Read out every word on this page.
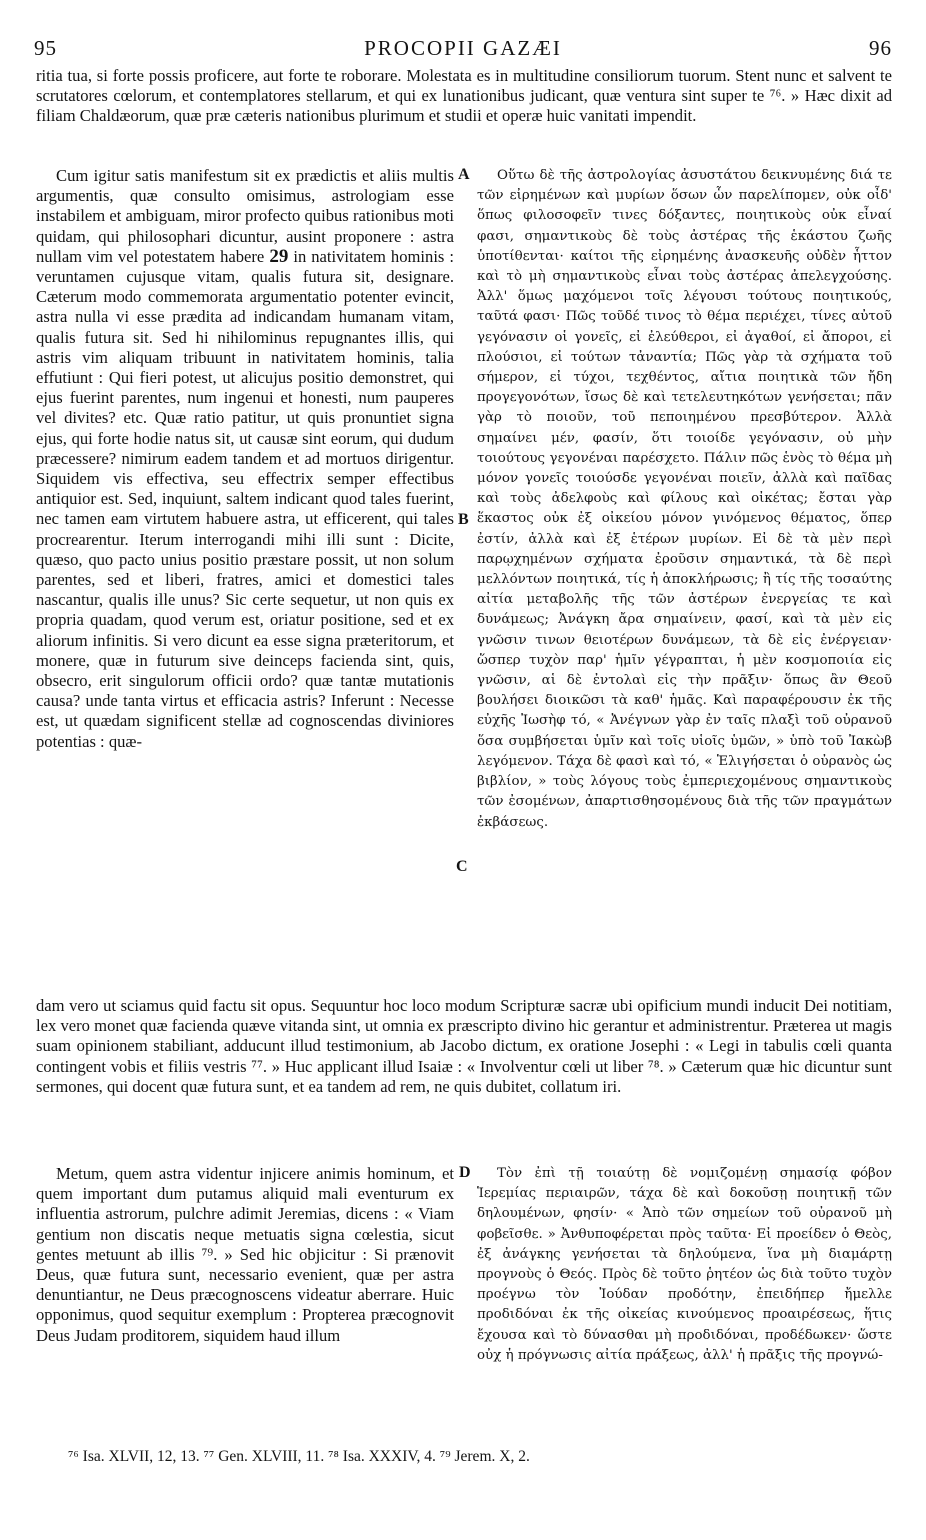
95	PROCOPII GAZÆI	96

ritia tua, si forte possis proficere, aut forte te roborare. Molestata es in multitudine consiliorum tuorum. Stent nunc et salvent te scrutatores cœlorum, et contemplatores stellarum, et qui ex lunationibus judicant, quæ ventura sint super te ⁷⁶. » Hæc dixit ad filiam Chaldæorum, quæ præ cæteris nationibus plurimum et studii et operæ huic vanitati impendit.

Cum igitur satis manifestum sit ex prædictis et aliis multis argumentis, quæ consulto omisimus, astrologiam esse instabilem et ambiguam, miror profecto quibus rationibus moti quidam, qui philosophari dicuntur, ausint proponere : astra nullam vim vel potestatem habere 29 in nativitatem hominis : veruntamen cujusque vitam, qualis futura sit, designare. Cæterum modo commemorata argumentatio potenter evincit, astra nulla vi esse prædita ad indicandam humanam vitam, qualis futura sit. Sed hi nihilominus repugnantes illis, qui astris vim aliquam tribuunt in nativitatem hominis, talia effutiunt : Qui fieri potest, ut alicujus positio demonstret, qui ejus fuerint parentes, num ingenui et honesti, num pauperes vel divites? etc. Quæ ratio patitur, ut quis pronuntiet signa ejus, qui forte hodie natus sit, ut causæ sint eorum, qui dudum præcessere? nimirum eadem tandem et ad mortuos dirigentur. Siquidem vis effectiva, seu effectrix semper effectibus antiquior est. Sed, inquiunt, saltem indicant quod tales fuerint, nec tamen eam virtutem habuere astra, ut efficerent, qui tales procrearentur. Iterum interrogandi mihi illi sunt : Dicite, quæso, quo pacto unius positio præstare possit, ut non solum parentes, sed et liberi, fratres, amici et domestici tales nascantur, qualis ille unus? Sic certe sequetur, ut non quis ex propria quadam, quod verum est, oriatur positione, sed et ex aliorum infinitis. Si vero dicunt ea esse signa præteritorum, et monere, quæ in futurum sive deinceps facienda sint, quis, obsecro, erit singulorum officii ordo? quæ tantæ mutationis causa? unde tanta virtus et efficacia astris? Inferunt : Necesse est, ut quædam significent stellæ ad cognoscendas diviniores potentias : quæ-

A
B
C
D

Οὕτω δὲ τῆς ἀστρολογίας ἀσυστάτου δεικνυμένης διά τε τῶν εἰρημένων καὶ μυρίων ὅσων ὧν παρελίπομεν, οὐκ οἶδ' ὅπως φιλοσοφεῖν τινες δόξαντες, ποιητικοὺς οὐκ εἶναί φασι, σημαντικοὺς δὲ τοὺς ἀστέρας τῆς ἑκάστου ζωῆς ὑποτίθενται· καίτοι τῆς εἰρημένης ἀνασκευῆς οὐδὲν ἧττον καὶ τὸ μὴ σημαντικοὺς εἶναι τοὺς ἀστέρας ἀπελεγχούσης. Ἀλλ' ὅμως μαχόμενοι τοῖς λέγουσι τούτους ποιητικούς, ταῦτά φασι· Πῶς τοῦδέ τινος τὸ θέμα περιέχει, τίνες αὐτοῦ γεγόνασιν οἱ γονεῖς, εἰ ἐλεύθεροι, εἰ ἀγαθοί, εἰ ἄποροι, εἰ πλούσιοι, εἰ τούτων τἀναντία; Πῶς γὰρ τὰ σχήματα τοῦ σήμερον, εἰ τύχοι, τεχθέντος, αἴτια ποιητικὰ τῶν ἤδη προγεγονότων, ἴσως δὲ καὶ τετελευτηκότων γενήσεται; πᾶν γὰρ τὸ ποιοῦν, τοῦ πεποιημένου πρεσβύτερον. Ἀλλὰ σημαίνει μέν, φασίν, ὅτι τοιοίδε γεγόνασιν, οὐ μὴν τοιούτους γεγονέναι παρέσχετο. Πάλιν πῶς ἑνὸς τὸ θέμα μὴ μόνον γονεῖς τοιούσδε γεγονέναι ποιεῖν, ἀλλὰ καὶ παῖδας καὶ τοὺς ἀδελφοὺς καὶ φίλους καὶ οἰκέτας; ἔσται γὰρ ἕκαστος οὐκ ἐξ οἰκείου μόνον γινόμενος θέματος, ὅπερ ἐστίν, ἀλλὰ καὶ ἐξ ἑτέρων μυρίων. Εἰ δὲ τὰ μὲν περὶ παρῳχημένων σχήματα ἐροῦσιν σημαντικά, τὰ δὲ περὶ μελλόντων ποιητικά, τίς ἡ ἀποκλήρωσις; ἢ τίς τῆς τοσαύτης αἰτία μεταβολῆς τῆς τῶν ἀστέρων ἐνεργείας τε καὶ δυνάμεως; Ἀνάγκη ἄρα σημαίνειν, φασί, καὶ τὰ μὲν εἰς γνῶσιν τινων θειοτέρων δυνάμεων, τὰ δὲ εἰς ἐνέργειαν· ὥσπερ τυχὸν παρ' ἡμῖν γέγραπται, ἡ μὲν κοσμοποιία εἰς γνῶσιν, αἱ δὲ ἐντολαὶ εἰς τὴν πρᾶξιν· ὅπως ἂν Θεοῦ βουλήσει διοικῶσι τὰ καθ' ἡμᾶς. Καὶ παραφέρουσιν ἐκ τῆς εὐχῆς Ἰωσὴφ τό, « Ἀνέγνων γὰρ ἐν ταῖς πλαξὶ τοῦ οὐρανοῦ ὅσα συμβήσεται ὑμῖν καὶ τοῖς υἱοῖς ὑμῶν, » ὑπὸ τοῦ Ἰακὼβ λεγόμενον. Τάχα δὲ φασὶ καὶ τό, « Ἑλιγήσεται ὁ οὐρανὸς ὡς βιβλίον, » τοὺς λόγους τοὺς ἐμπεριεχομένους σημαντικοὺς τῶν ἐσομένων, ἀπαρτισθησομένους διὰ τῆς τῶν πραγμάτων ἐκβάσεως.

dam vero ut sciamus quid factu sit opus. Sequuntur hoc loco modum Scripturæ sacræ ubi opificium mundi inducit Dei notitiam, lex vero monet quæ facienda quæve vitanda sint, ut omnia ex præscripto divino hic gerantur et administrentur. Præterea ut magis suam opinionem stabiliant, adducunt illud testimonium, ab Jacobo dictum, ex oratione Josephi : « Legi in tabulis cœli quanta contingent vobis et filiis vestris ⁷⁷. » Huc applicant illud Isaiæ : « Involventur cœli ut liber ⁷⁸. » Cæterum quæ hic dicuntur sunt sermones, qui docent quæ futura sunt, et ea tandem ad rem, ne quis dubitet, collatum iri.

Metum, quem astra videntur injicere animis hominum, et quem important dum putamus aliquid mali eventurum ex influentia astrorum, pulchre adimit Jeremias, dicens : « Viam gentium non discatis neque metuatis signa cœlestia, sicut gentes metuunt ab illis ⁷⁹. » Sed hic objicitur : Si prænovit Deus, quæ futura sunt, necessario evenient, quæ per astra denuntiantur, ne Deus præcognoscens videatur aberrare. Huic opponimus, quod sequitur exemplum : Propterea præcognovit Deus Judam proditorem, siquidem haud illum

Τὸν ἐπὶ τῇ τοιαύτῃ δὲ νομιζομένῃ σημασίᾳ φόβον Ἱερεμίας περιαιρῶν, τάχα δὲ καὶ δοκοῦσῃ ποιητικῇ τῶν δηλουμένων, φησίν· « Ἀπὸ τῶν σημείων τοῦ οὐρανοῦ μὴ φοβεῖσθε. » Ἀνθυποφέρεται πρὸς ταῦτα· Εἰ προείδεν ὁ Θεὸς, ἐξ ἀνάγκης γενήσεται τὰ δηλούμενα, ἵνα μὴ διαμάρτῃ προγνοὺς ὁ Θεός. Πρὸς δὲ τοῦτο ῥητέον ὡς διὰ τοῦτο τυχὸν προέγνω τὸν Ἰούδαν προδότην, ἐπειδήπερ ἤμελλε προδιδόναι ἐκ τῆς οἰκείας κινούμενος προαιρέσεως, ἥτις ἔχουσα καὶ τὸ δύνασθαι μὴ προδιδόναι, προδέδωκεν· ὥστε οὐχ ἡ πρόγνωσις αἰτία πράξεως, ἀλλ' ἡ πρᾶξις τῆς προγνώ-

⁷⁶ Isa. XLVII, 12, 13. ⁷⁷ Gen. XLVIII, 11. ⁷⁸ Isa. XXXIV, 4. ⁷⁹ Jerem. X, 2.
